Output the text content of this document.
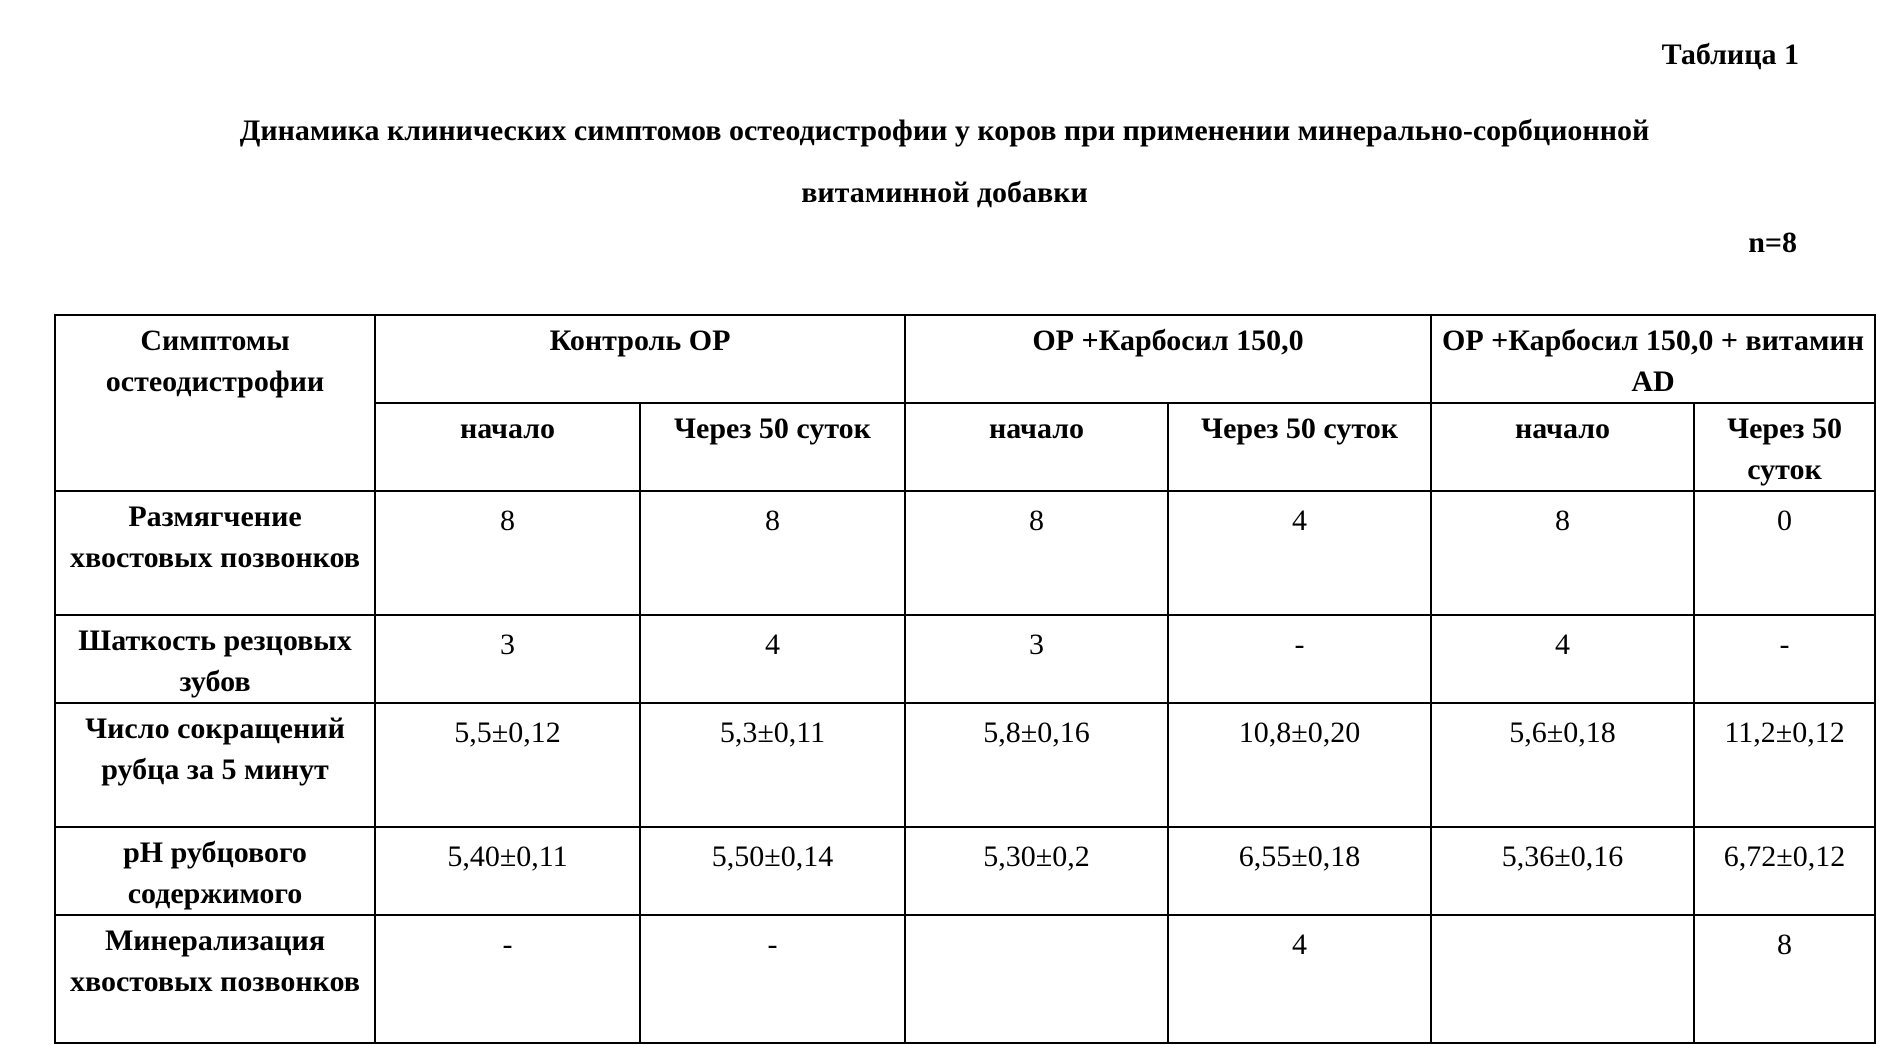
Таблица 1
Динамика клинических симптомов остеодистрофии у коров при применении минерально-сорбционной
витаминной добавки
n=8
Симптомы остеодистрофии	Контроль ОР		ОР +Карбосил 150,0		ОР +Карбосил 150,0 + витамин AD	
	начало	Через 50 суток	начало	Через 50 суток	начало	Через 50 суток
Размягчение хвостовых позвонков	8	8	8	4	8	0
Шаткость резцовых зубов	3	4	3	-	4	-
Число сокращений рубца за 5 минут	5,5±0,12	5,3±0,11	5,8±0,16	10,8±0,20	5,6±0,18	11,2±0,12
pH рубцового содержимого	5,40±0,11	5,50±0,14	5,30±0,2	6,55±0,18	5,36±0,16	6,72±0,12
Минерализация хвостовых позвонков	-	-		4		8
